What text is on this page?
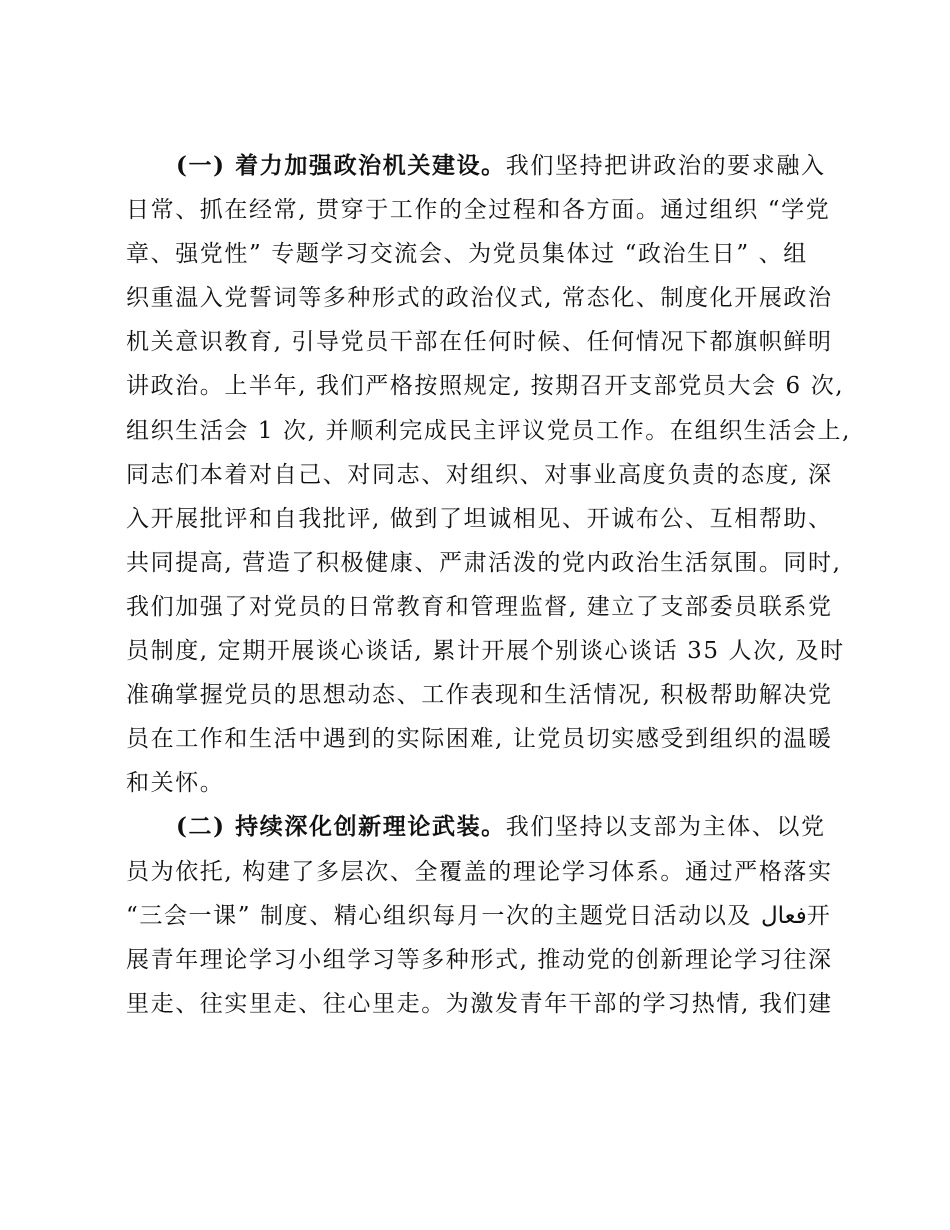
(一) 着力加强政治机关建设。我们坚持把讲政治的要求融入
日常、抓在经常, 贯穿于工作的全过程和各方面。通过组织 “学党
章、强党性” 专题学习交流会、为党员集体过 “政治生日” 、组
织重温入党誓词等多种形式的政治仪式, 常态化、制度化开展政治
机关意识教育, 引导党员干部在任何时候、任何情况下都旗帜鲜明
讲政治。上半年, 我们严格按照规定, 按期召开支部党员大会 6 次,
组织生活会 1 次, 并顺利完成民主评议党员工作。在组织生活会上,
同志们本着对自己、对同志、对组织、对事业高度负责的态度, 深
入开展批评和自我批评, 做到了坦诚相见、开诚布公、互相帮助、
共同提高, 营造了积极健康、严肃活泼的党内政治生活氛围。同时,
我们加强了对党员的日常教育和管理监督, 建立了支部委员联系党
员制度, 定期开展谈心谈话, 累计开展个别谈心谈话 35 人次, 及时
准确掌握党员的思想动态、工作表现和生活情况, 积极帮助解决党
员在工作和生活中遇到的实际困难, 让党员切实感受到组织的温暖
和关怀。
(二) 持续深化创新理论武装。我们坚持以支部为主体、以党
员为依托, 构建了多层次、全覆盖的理论学习体系。通过严格落实
“三会一课” 制度、精心组织每月一次的主题党日活动以及 فعال开
展青年理论学习小组学习等多种形式, 推动党的创新理论学习往深
里走、往实里走、往心里走。为激发青年干部的学习热情, 我们建
